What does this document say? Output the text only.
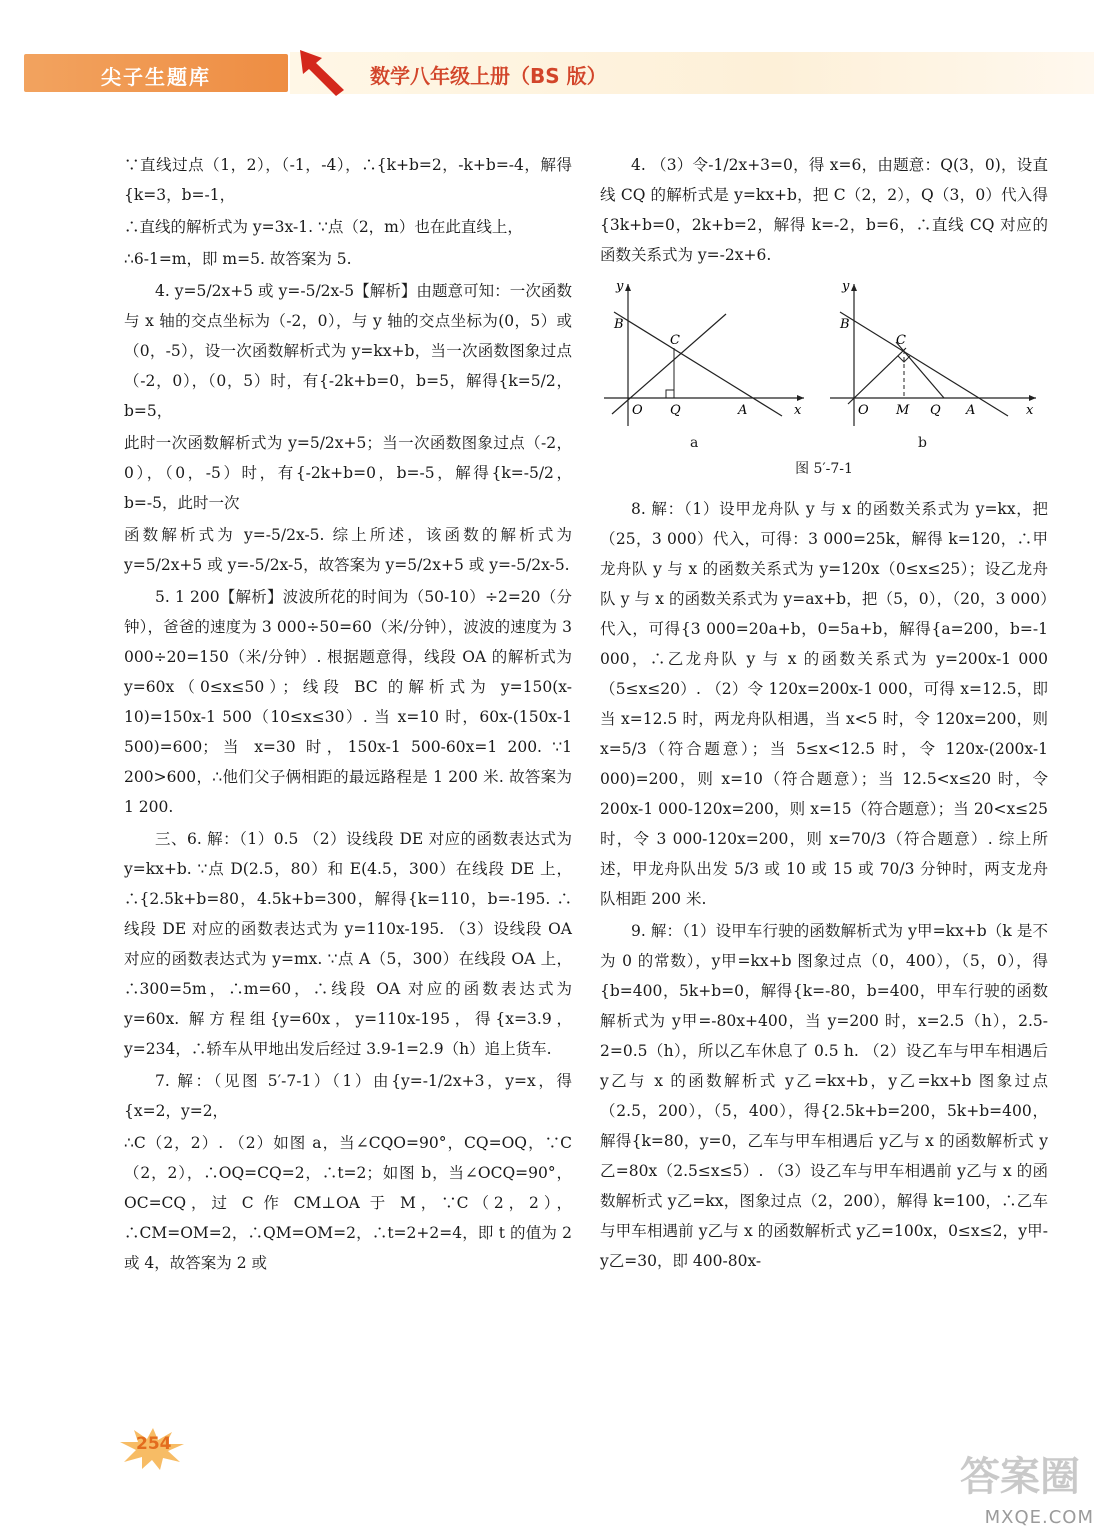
尖子生题库	数学八年级上册（BS 版）

∵直线过点（1，2），（-1，-4），∴{k+b=2，-k+b=-4，解得{k=3，b=-1，

∴直线的解析式为 y=3x-1. ∵点（2，m）也在此直线上，

∴6-1=m，即 m=5. 故答案为 5.

4. y=5/2x+5 或 y=-5/2x-5【解析】由题意可知：一次函数与 x 轴的交点坐标为（-2，0），与 y 轴的交点坐标为(0，5）或（0，-5），设一次函数解析式为 y=kx+b，当一次函数图象过点（-2，0），（0，5）时，有{-2k+b=0，b=5，解得{k=5/2，b=5，

此时一次函数解析式为 y=5/2x+5；当一次函数图象过点（-2，0），（0，-5）时，有{-2k+b=0，b=-5，解得{k=-5/2，b=-5，此时一次

函数解析式为 y=-5/2x-5. 综上所述，该函数的解析式为 y=5/2x+5 或 y=-5/2x-5，故答案为 y=5/2x+5 或 y=-5/2x-5.

5. 1 200【解析】波波所花的时间为（50-10）÷2=20（分钟），爸爸的速度为 3 000÷50=60（米/分钟），波波的速度为 3 000÷20=150（米/分钟）. 根据题意得，线段 OA 的解析式为 y=60x（0≤x≤50）；线段 BC 的解析式为 y=150(x-10)=150x-1 500（10≤x≤30）. 当 x=10 时，60x-(150x-1 500)=600；当 x=30 时，150x-1 500-60x=1 200. ∵1 200>600，∴他们父子俩相距的最远路程是 1 200 米. 故答案为 1 200.

三、6. 解：（1）0.5 （2）设线段 DE 对应的函数表达式为 y=kx+b. ∵点 D(2.5，80）和 E(4.5，300）在线段 DE 上，∴{2.5k+b=80，4.5k+b=300，解得{k=110，b=-195. ∴线段 DE 对应的函数表达式为 y=110x-195. （3）设线段 OA 对应的函数表达式为 y=mx. ∵点 A（5，300）在线段 OA 上，∴300=5m，∴m=60，∴线段 OA 对应的函数表达式为 y=60x. 解方程组{y=60x，y=110x-195，得{x=3.9，y=234，∴轿车从甲地出发后经过 3.9-1=2.9（h）追上货车.

7. 解：（见图 5′-7-1）（1）由{y=-1/2x+3，y=x，得{x=2，y=2，

∴C（2，2）. （2）如图 a，当∠CQO=90°，CQ=OQ，∵C（2，2），∴OQ=CQ=2，∴t=2；如图 b，当∠OCQ=90°，OC=CQ，过 C 作 CM⊥OA 于 M，∵C（2，2），∴CM=OM=2，∴QM=OM=2，∴t=2+2=4，即 t 的值为 2 或 4，故答案为 2 或

4. （3）令-1/2x+3=0，得 x=6，由题意：Q(3，0)，设直线 CQ 的解析式是 y=kx+b，把 C（2，2），Q（3，0）代入得{3k+b=0，2k+b=2，解得 k=-2，b=6，∴直线 CQ 对应的函数关系式为 y=-2x+6.

y
x
B
C
O Q	A
y
x
B
C
O M Q A
a	b
图 5′-7-1

8. 解：（1）设甲龙舟队 y 与 x 的函数关系式为 y=kx，把（25，3 000）代入，可得：3 000=25k，解得 k=120，∴甲龙舟队 y 与 x 的函数关系式为 y=120x（0≤x≤25）；设乙龙舟队 y 与 x 的函数关系式为 y=ax+b，把（5，0），（20，3 000）代入，可得{3 000=20a+b，0=5a+b，解得{a=200，b=-1 000，∴乙龙舟队 y 与 x 的函数关系式为 y=200x-1 000（5≤x≤20）. （2）令 120x=200x-1 000，可得 x=12.5，即当 x=12.5 时，两龙舟队相遇，当 x<5 时，令 120x=200，则 x=5/3（符合题意）；当 5≤x<12.5 时，令 120x-(200x-1 000)=200，则 x=10（符合题意）；当 12.5<x≤20 时，令 200x-1 000-120x=200，则 x=15（符合题意）；当 20<x≤25 时，令 3 000-120x=200，则 x=70/3（符合题意）. 综上所述，甲龙舟队出发 5/3 或 10 或 15 或 70/3 分钟时，两支龙舟队相距 200 米.

9. 解：（1）设甲车行驶的函数解析式为 y甲=kx+b（k 是不为 0 的常数），y甲=kx+b 图象过点（0，400），（5，0），得{b=400，5k+b=0，解得{k=-80，b=400，甲车行驶的函数解析式为 y甲=-80x+400，当 y=200 时，x=2.5（h），2.5-2=0.5（h），所以乙车休息了 0.5 h. （2）设乙车与甲车相遇后 y乙与 x 的函数解析式 y乙=kx+b，y乙=kx+b 图象过点（2.5，200），（5，400），得{2.5k+b=200，5k+b=400，解得{k=80，y=0，乙车与甲车相遇后 y乙与 x 的函数解析式 y乙=80x（2.5≤x≤5）. （3）设乙车与甲车相遇前 y乙与 x 的函数解析式 y乙=kx，图象过点（2，200），解得 k=100，∴乙车与甲车相遇前 y乙与 x 的函数解析式 y乙=100x，0≤x≤2，y甲-y乙=30，即 400-80x-

254
答案圈
MXQE.COM
